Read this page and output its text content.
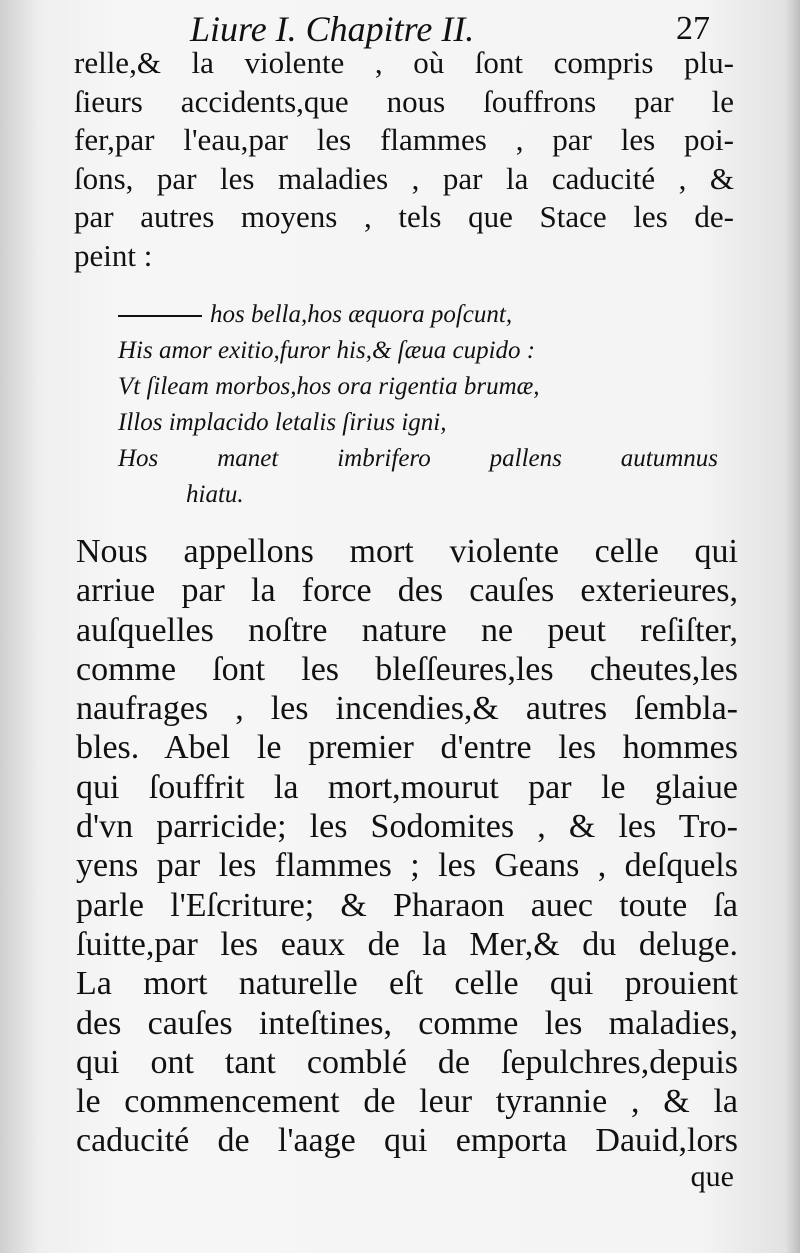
Liure I. Chapitre II.	27
relle,& la violente , où ſont compris plu-
ſieurs accidents,que nous ſouffrons par le
fer,par l'eau,par les flammes , par les poi-
ſons, par les maladies , par la caducité , &
par autres moyens , tels que Stace les de-
peint :
hos bella,hos æquora poſcunt,
His amor exitio,furor his,& ſæua cupido :
Vt ſileam morbos,hos ora rigentia brumæ,
Illos implacido letalis ſirius igni,
Hos manet imbrifero pallens autumnus
hiatu.
Nous appellons mort violente celle qui
arriue par la force des cauſes exterieures,
auſquelles noſtre nature ne peut reſiſter,
comme ſont les bleſſeures,les cheutes,les
naufrages , les incendies,& autres ſembla-
bles. Abel le premier d'entre les hommes
qui ſouffrit la mort,mourut par le glaiue
d'vn parricide; les Sodomites , & les Tro-
yens par les flammes ; les Geans , deſquels
parle l'Eſcriture; & Pharaon auec toute ſa
ſuitte,par les eaux de la Mer,& du deluge.
La mort naturelle eſt celle qui prouient
des cauſes inteſtines, comme les maladies,
qui ont tant comblé de ſepulchres,depuis
le commencement de leur tyrannie , & la
caducité de l'aage qui emporta Dauid,lors
que
